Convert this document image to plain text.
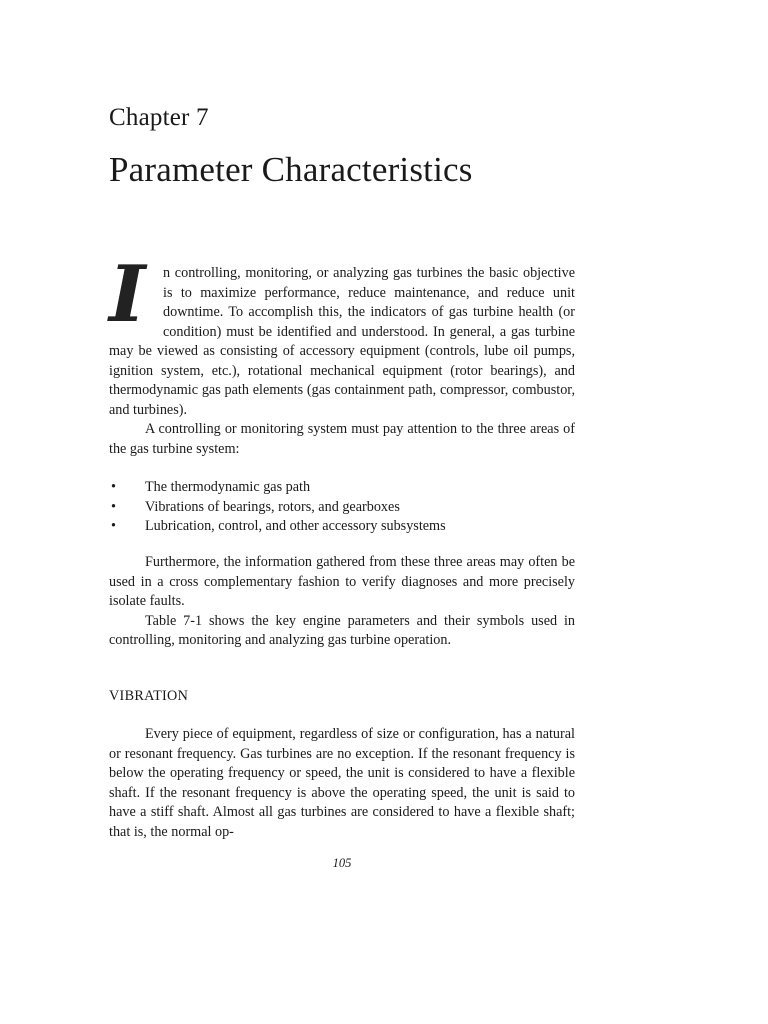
Chapter 7
Parameter Characteristics

I	n controlling, monitoring, or analyzing gas turbines the basic objective is to maximize performance, reduce maintenance, and reduce unit downtime. To accomplish this, the indicators of gas turbine health (or condition) must be identified and understood. In general, a gas turbine may be viewed as consisting of accessory equipment (controls, lube oil pumps, ignition system, etc.), rotational mechanical equipment (rotor bearings), and thermodynamic gas path elements (gas containment path, compressor, combustor, and turbines).

A controlling or monitoring system must pay attention to the three areas of the gas turbine system:

• The thermodynamic gas path
• Vibrations of bearings, rotors, and gearboxes
• Lubrication, control, and other accessory subsystems

Furthermore, the information gathered from these three areas may often be used in a cross complementary fashion to verify diagnoses and more precisely isolate faults.

Table 7-1 shows the key engine parameters and their symbols used in controlling, monitoring and analyzing gas turbine operation.

VIBRATION

Every piece of equipment, regardless of size or configuration, has a natural or resonant frequency. Gas turbines are no exception. If the resonant frequency is below the operating frequency or speed, the unit is considered to have a flexible shaft. If the resonant frequency is above the operating speed, the unit is said to have a stiff shaft. Almost all gas turbines are considered to have a flexible shaft; that is, the normal op-

105
